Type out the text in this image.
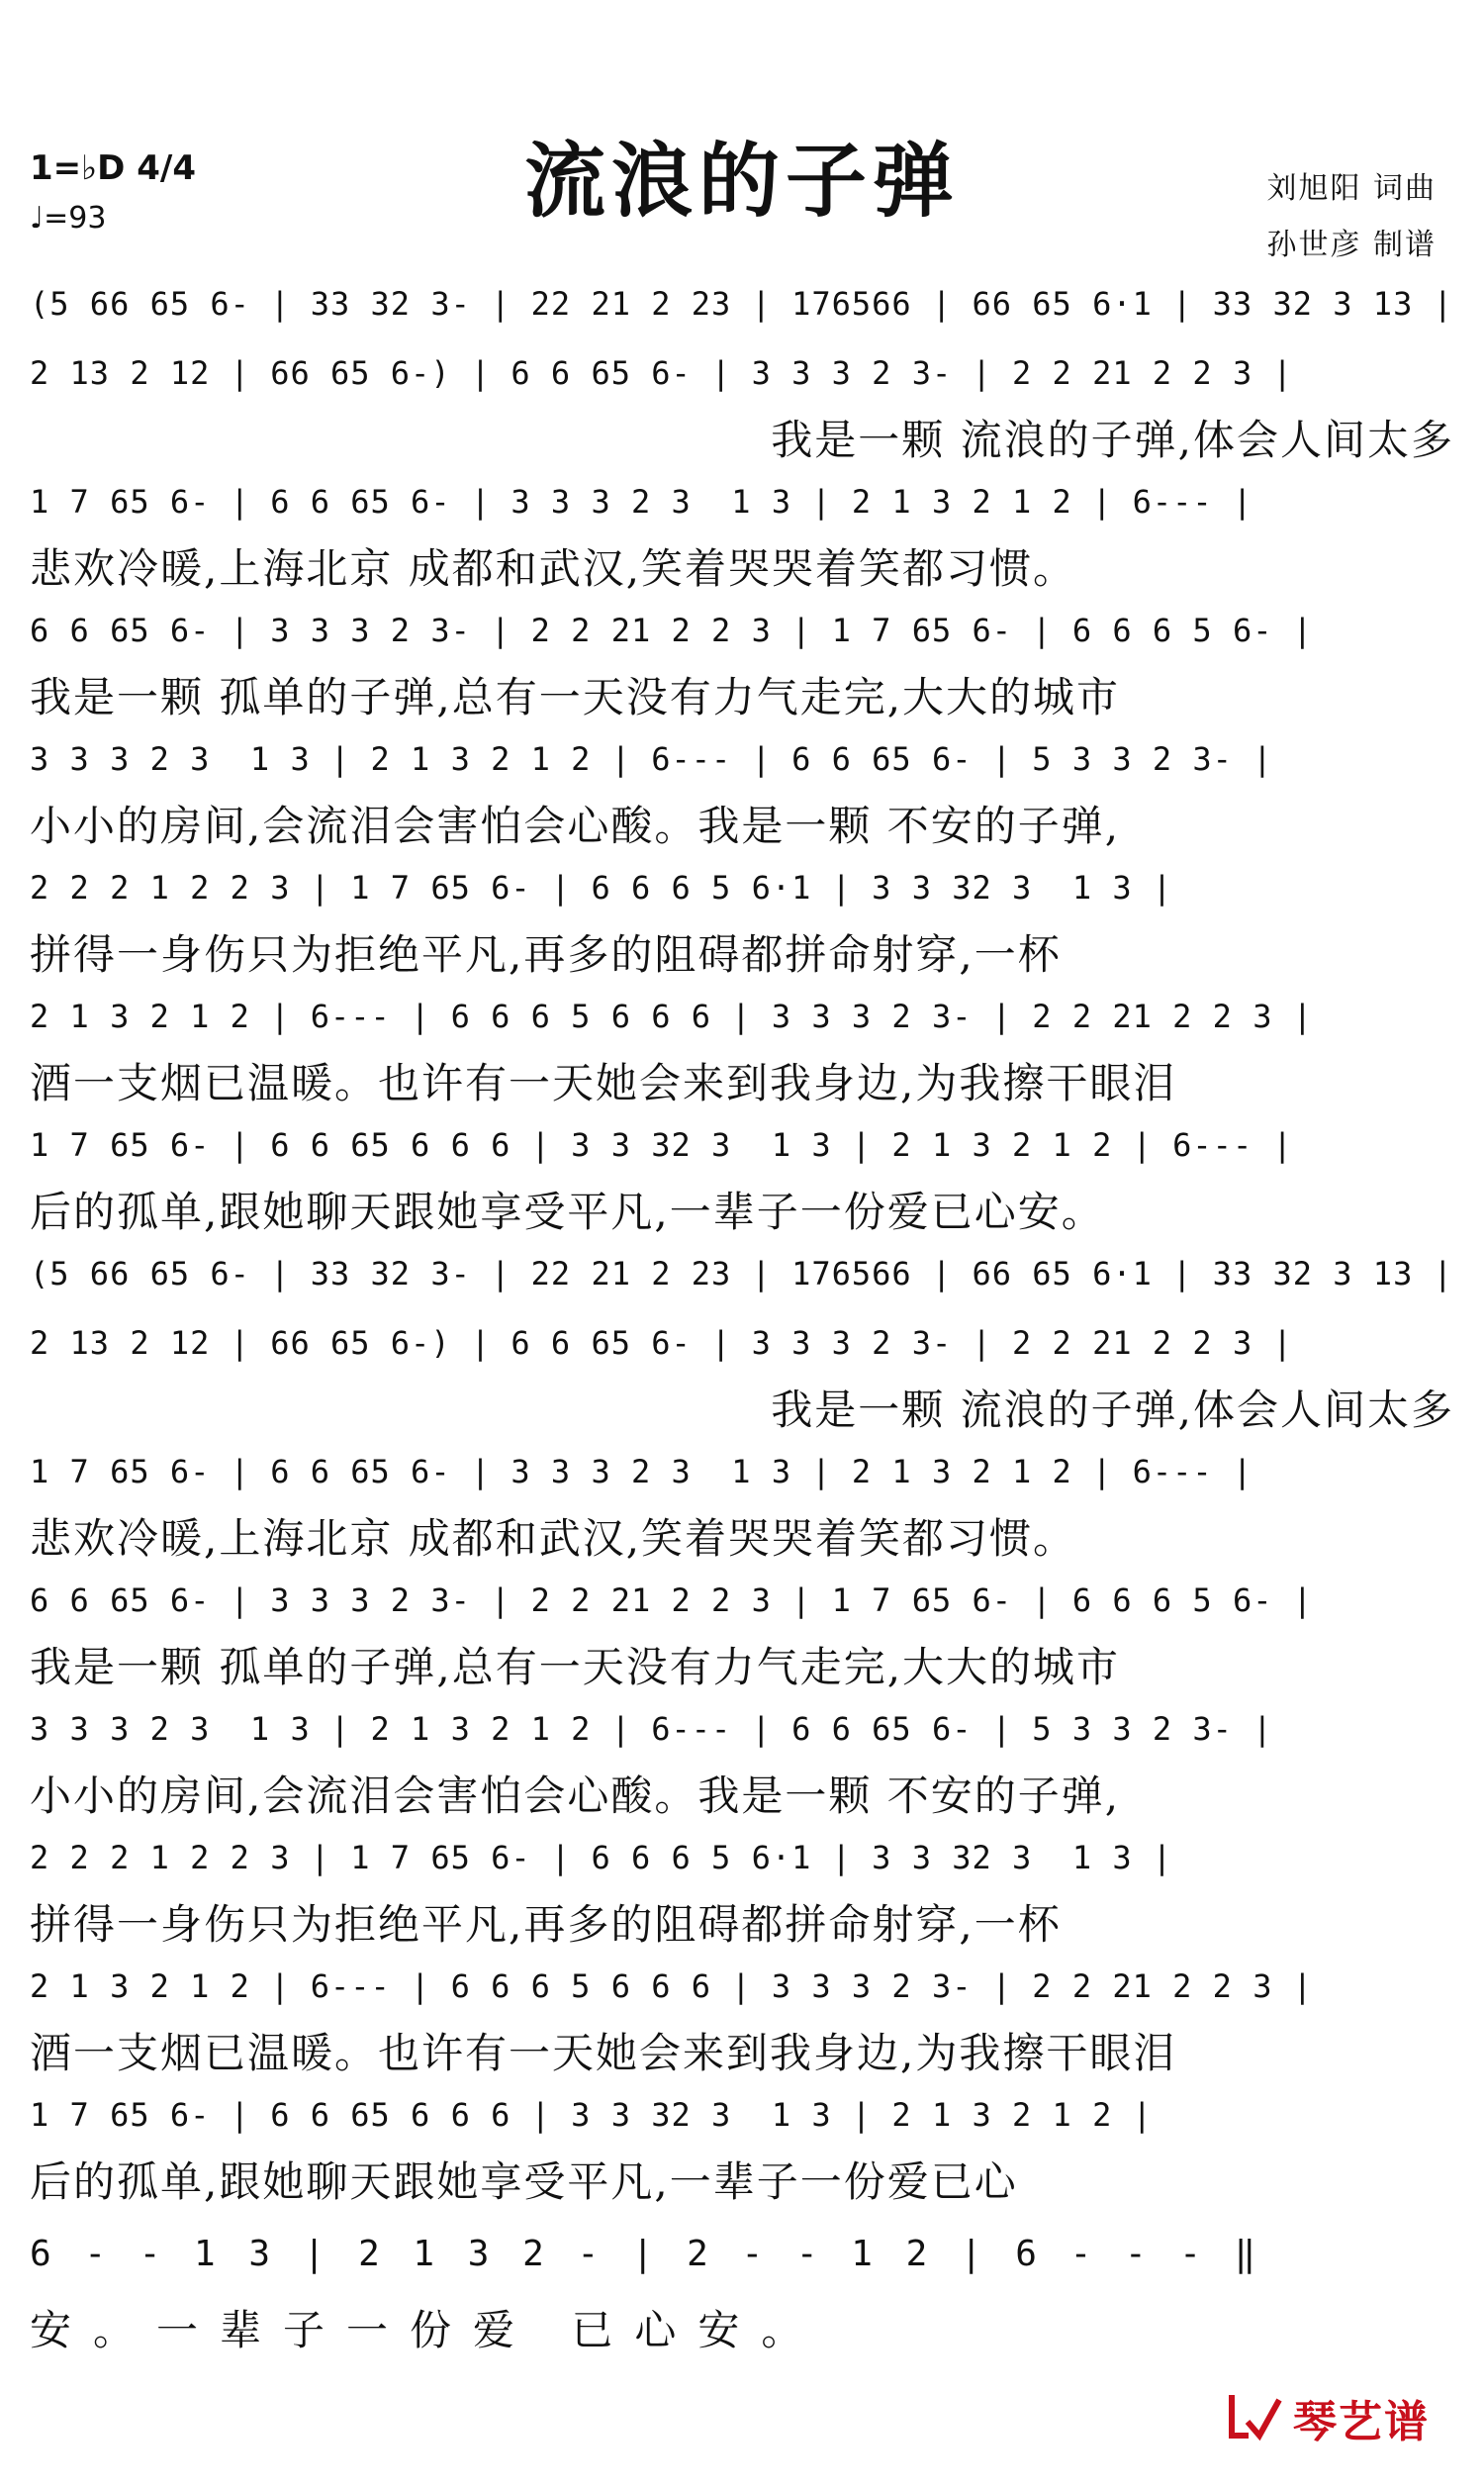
流浪的子弹
1=♭D 4/4
♩=93
刘旭阳 词曲
孙世彦 制谱
(5 66 65 6- | 33 32 3- | 22 21 2 23 | 176566 | 66 65 6·1 | 33 32 3 13 |
2 13 2 12 | 66 65 6-) | 6 6 65 6- | 3 3 3 2 3- | 2 2 21 2 2 3 |
我是一颗 流浪的子弹,体会人间太多
1 7 65 6- | 6 6 65 6- | 3 3 3 2 3  1 3 | 2 1 3 2 1 2 | 6--- |
悲欢冷暖,上海北京 成都和武汉,笑着哭哭着笑都习惯。
6 6 65 6- | 3 3 3 2 3- | 2 2 21 2 2 3 | 1 7 65 6- | 6 6 6 5 6- |
我是一颗 孤单的子弹,总有一天没有力气走完,大大的城市
3 3 3 2 3  1 3 | 2 1 3 2 1 2 | 6--- | 6 6 65 6- | 5 3 3 2 3- |
小小的房间,会流泪会害怕会心酸。我是一颗 不安的子弹,
2 2 2 1 2 2 3 | 1 7 65 6- | 6 6 6 5 6·1 | 3 3 32 3  1 3 |
拼得一身伤只为拒绝平凡,再多的阻碍都拼命射穿,一杯
2 1 3 2 1 2 | 6--- | 6 6 6 5 6 6 6 | 3 3 3 2 3- | 2 2 21 2 2 3 |
酒一支烟已温暖。也许有一天她会来到我身边,为我擦干眼泪
1 7 65 6- | 6 6 65 6 6 6 | 3 3 32 3  1 3 | 2 1 3 2 1 2 | 6--- |
后的孤单,跟她聊天跟她享受平凡,一辈子一份爱已心安。
(5 66 65 6- | 33 32 3- | 22 21 2 23 | 176566 | 66 65 6·1 | 33 32 3 13 |
2 13 2 12 | 66 65 6-) | 6 6 65 6- | 3 3 3 2 3- | 2 2 21 2 2 3 |
我是一颗 流浪的子弹,体会人间太多
1 7 65 6- | 6 6 65 6- | 3 3 3 2 3  1 3 | 2 1 3 2 1 2 | 6--- |
悲欢冷暖,上海北京 成都和武汉,笑着哭哭着笑都习惯。
6 6 65 6- | 3 3 3 2 3- | 2 2 21 2 2 3 | 1 7 65 6- | 6 6 6 5 6- |
我是一颗 孤单的子弹,总有一天没有力气走完,大大的城市
3 3 3 2 3  1 3 | 2 1 3 2 1 2 | 6--- | 6 6 65 6- | 5 3 3 2 3- |
小小的房间,会流泪会害怕会心酸。我是一颗 不安的子弹,
2 2 2 1 2 2 3 | 1 7 65 6- | 6 6 6 5 6·1 | 3 3 32 3  1 3 |
拼得一身伤只为拒绝平凡,再多的阻碍都拼命射穿,一杯
2 1 3 2 1 2 | 6--- | 6 6 6 5 6 6 6 | 3 3 3 2 3- | 2 2 21 2 2 3 |
酒一支烟已温暖。也许有一天她会来到我身边,为我擦干眼泪
1 7 65 6- | 6 6 65 6 6 6 | 3 3 32 3  1 3 | 2 1 3 2 1 2 |
后的孤单,跟她聊天跟她享受平凡,一辈子一份爱已心
6 - - 1 3 | 2 1 3 2 - | 2 - - 1 2 | 6 - - - ‖
安。一辈子一份爱 已心安。
琴艺谱
